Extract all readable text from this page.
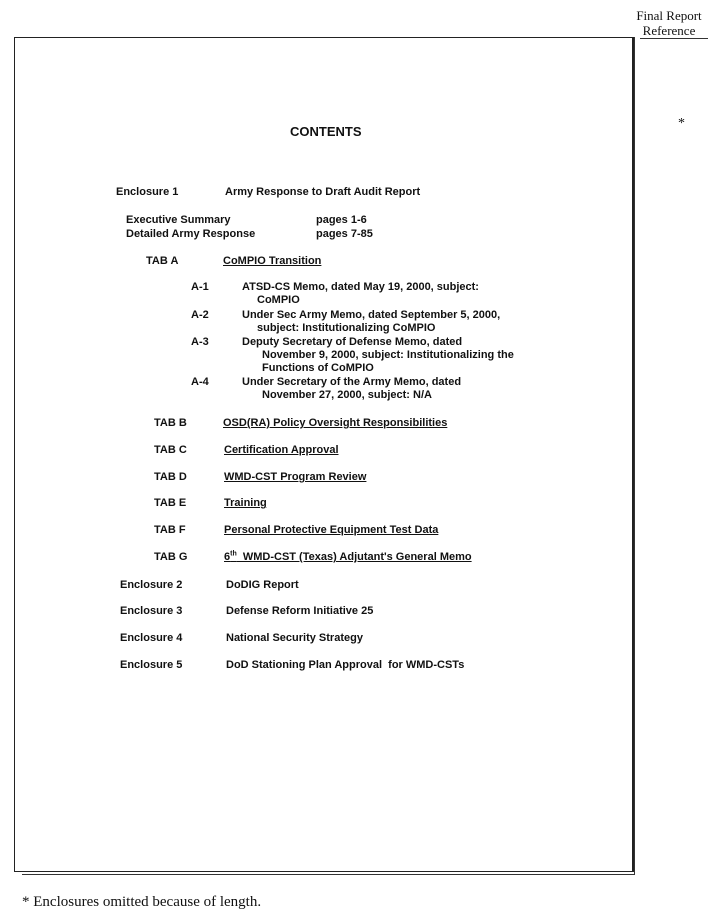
Final Report
Reference
*
CONTENTS
Enclosure 1	Army Response to Draft Audit Report
Executive Summary	pages 1-6
Detailed Army Response	pages 7-85
TAB A	CoMPIO Transition
A-1	ATSD-CS Memo, dated May 19, 2000, subject:
CoMPIO
A-2	Under Sec Army Memo, dated September 5, 2000,
subject: Institutionalizing CoMPIO
A-3	Deputy Secretary of Defense Memo, dated
November 9, 2000, subject: Institutionalizing the
Functions of CoMPIO
A-4	Under Secretary of the Army Memo, dated
November 27, 2000, subject: N/A
TAB B	OSD(RA) Policy Oversight Responsibilities
TAB C	Certification Approval
TAB D	WMD-CST Program Review
TAB E	Training
TAB F	Personal Protective Equipment Test Data
TAB G	6th  WMD-CST (Texas) Adjutant's General Memo
Enclosure 2	DoDIG Report
Enclosure 3	Defense Reform Initiative 25
Enclosure 4	National Security Strategy
Enclosure 5	DoD Stationing Plan Approval  for WMD-CSTs
* Enclosures omitted because of length.
